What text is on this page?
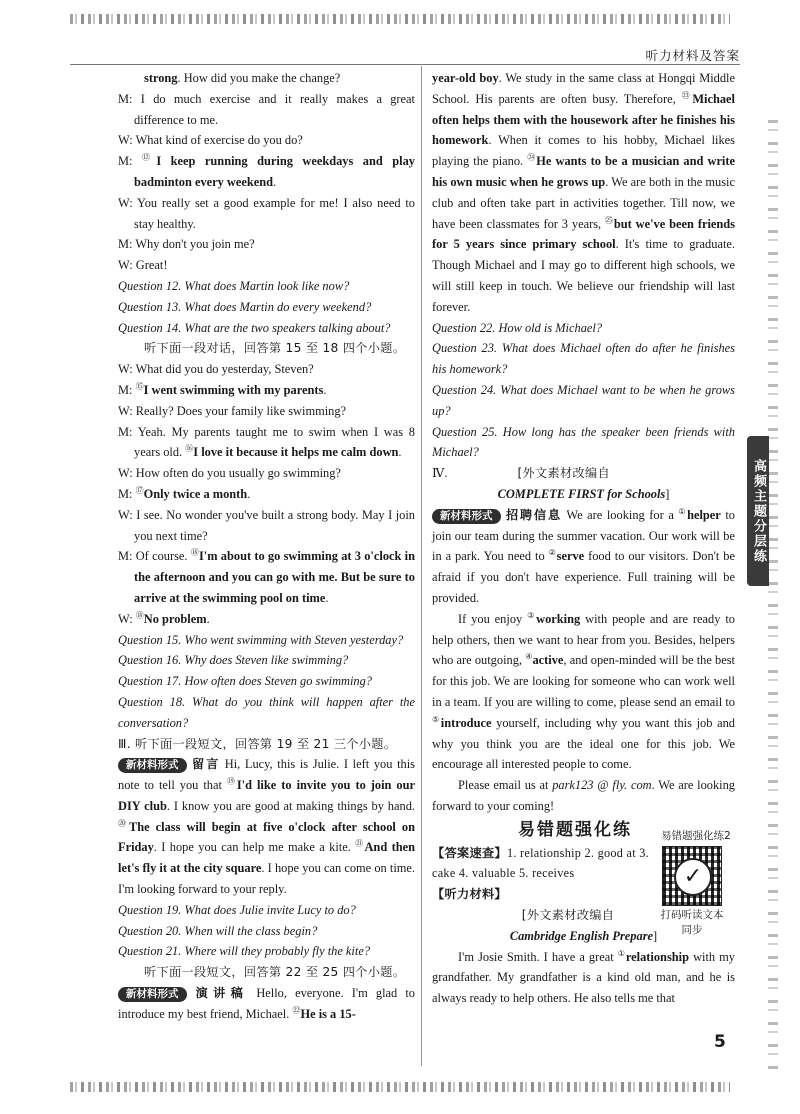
听力材料及答案
高频主题分层练

strong. How did you make the change?

M: I do much exercise and it really makes a great difference to me.

W: What kind of exercise do you do?

M: ⑫I keep running during weekdays and play badminton every weekend.

W: You really set a good example for me! I also need to stay healthy.

M: Why don't you join me?

W: Great!

Question 12. What does Martin look like now?

Question 13. What does Martin do every weekend?

Question 14. What are the two speakers talking about?

听下面一段对话，回答第 15 至 18 四个小题。

W: What did you do yesterday, Steven?

M: ⑮I went swimming with my parents.

W: Really? Does your family like swimming?

M: Yeah. My parents taught me to swim when I was 8 years old. ⑯I love it because it helps me calm down.

W: How often do you usually go swimming?

M: ⑰Only twice a month.

W: I see. No wonder you've built a strong body. May I join you next time?

M: Of course. ⑱I'm about to go swimming at 3 o'clock in the afternoon and you can go with me. But be sure to arrive at the swimming pool on time.

W: ⑱No problem.

Question 15. Who went swimming with Steven yesterday?

Question 16. Why does Steven like swimming?

Question 17. How often does Steven go swimming?

Question 18. What do you think will happen after the conversation?

Ⅲ. 听下面一段短文，回答第 19 至 21 三个小题。

新材料形式 留言 Hi, Lucy, this is Julie. I left you this note to tell you that ⑲I'd like to invite you to join our DIY club. I know you are good at making things by hand. ⑳The class will begin at five o'clock after school on Friday. I hope you can help me make a kite. $^㉑$And then let's fly it at the city square. I hope you can come on time. I'm looking forward to your reply.

Question 19. What does Julie invite Lucy to do?

Question 20. When will the class begin?

Question 21. Where will they probably fly the kite?

听下面一段短文，回答第 22 至 25 四个小题。

新材料形式 演讲稿 Hello, everyone. I'm glad to introduce my best friend, Michael. $^㉒$He is a 15-

year-old boy. We study in the same class at Hongqi Middle School. His parents are often busy. Therefore, $^㉓$Michael often helps them with the housework after he finishes his homework. When it comes to his hobby, Michael likes playing the piano. $^㉔$He wants to be a musician and write his own music when he grows up. We are both in the music club and often take part in activities together. Till now, we have been classmates for 3 years, $^㉕$but we've been friends for 5 years since primary school. It's time to graduate. Though Michael and I may go to different high schools, we will still keep in touch. We believe our friendship will last forever.

Question 22. How old is Michael?

Question 23. What does Michael often do after he finishes his homework?

Question 24. What does Michael want to be when he grows up?

Question 25. How long has the speaker been friends with Michael?

Ⅳ.	[外文素材改编自

COMPLETE FIRST for Schools]

新材料形式 招聘信息 We are looking for a ①helper to join our team during the summer vacation. Our work will be in a park. You need to ②serve food to our visitors. Don't be afraid if you don't have experience. Full training will be provided.

If you enjoy ③working with people and are ready to help others, then we want to hear from you. Besides, helpers who are outgoing, ④active, and open-minded will be the best for this job. We are looking for someone who can work well in a team. If you are willing to come, please send an email to ⑤introduce yourself, including why you want this job and why you think you are the ideal one for this job. We encourage all interested people to come.

Please email us at park123 @ fly. com. We are looking forward to your coming!

易错题强化练

【答案速查】1. relationship 2. good at 3. cake 4. valuable 5. receives

【听力材料】

[外文素材改编自

Cambridge English Prepare]

I'm Josie Smith. I have a great ①relationship with my grandfather. My grandfather is a kind old man, and he is always ready to help others. He also tells me that

易错题强化练2
✓
打码听读文本同步
5
